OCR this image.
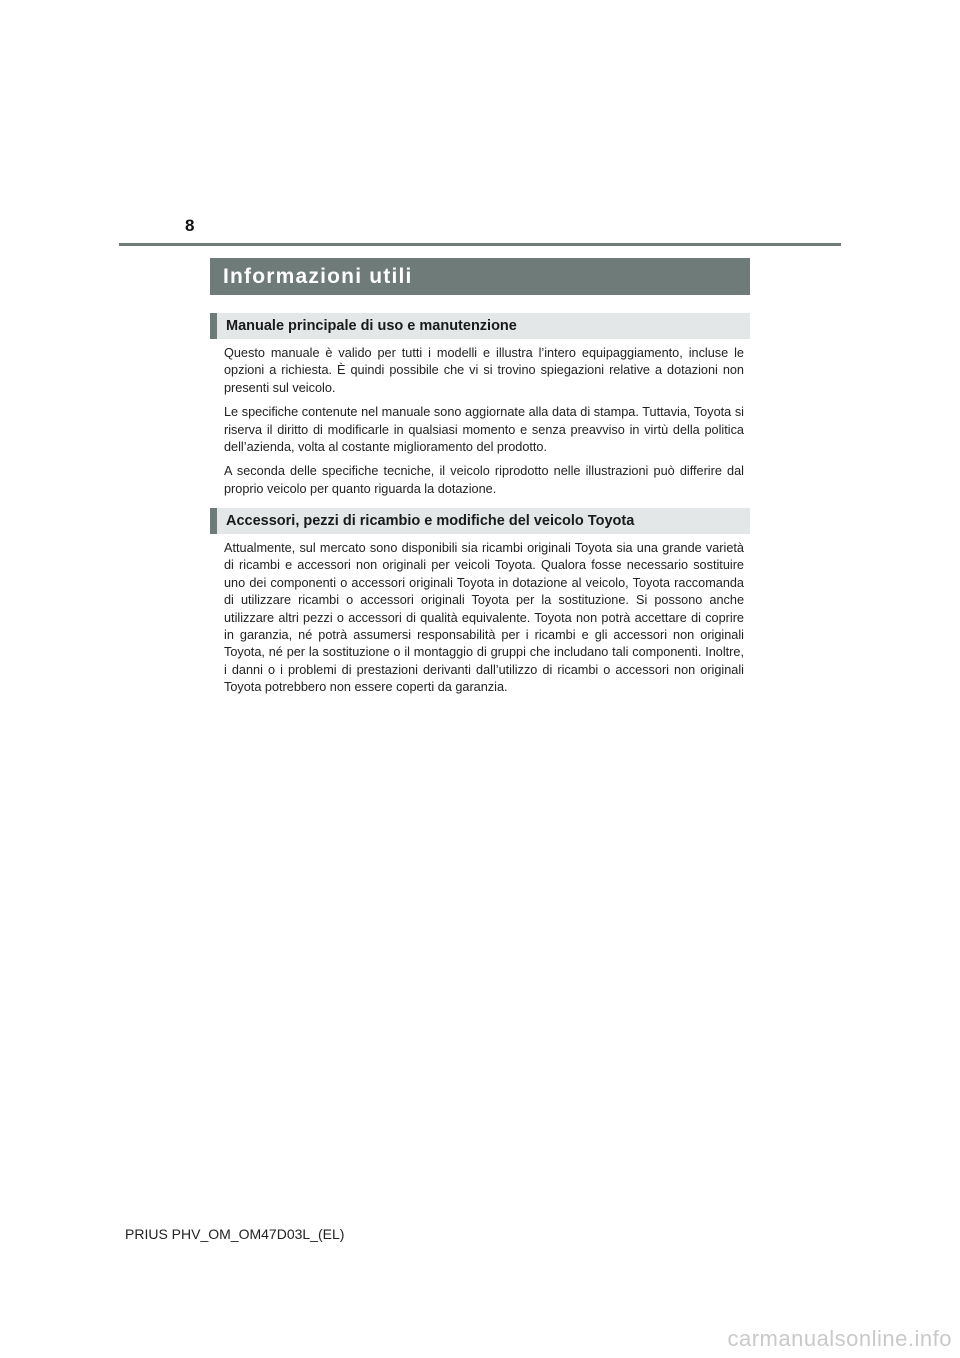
8
Informazioni utili
Manuale principale di uso e manutenzione

Questo manuale è valido per tutti i modelli e illustra l’intero equipaggiamento, incluse le opzioni a richiesta. È quindi possibile che vi si trovino spiegazioni relative a dotazioni non presenti sul veicolo.

Le specifiche contenute nel manuale sono aggiornate alla data di stampa. Tuttavia, Toyota si riserva il diritto di modificarle in qualsiasi momento e senza preavviso in virtù della politica dell’azienda, volta al costante miglioramento del prodotto.

A seconda delle specifiche tecniche, il veicolo riprodotto nelle illustrazioni può differire dal proprio veicolo per quanto riguarda la dotazione.

Accessori, pezzi di ricambio e modifiche del veicolo Toyota

Attualmente, sul mercato sono disponibili sia ricambi originali Toyota sia una grande varietà di ricambi e accessori non originali per veicoli Toyota. Qualora fosse necessario sostituire uno dei componenti o accessori originali Toyota in dotazione al veicolo, Toyota raccomanda di utilizzare ricambi o accessori originali Toyota per la sostituzione. Si possono anche utilizzare altri pezzi o accessori di qualità equivalente. Toyota non potrà accettare di coprire in garanzia, né potrà assumersi responsabilità per i ricambi e gli accessori non originali Toyota, né per la sostituzione o il montaggio di gruppi che includano tali componenti. Inoltre, i danni o i problemi di prestazioni derivanti dall’utilizzo di ricambi o accessori non originali Toyota potrebbero non essere coperti da garanzia.

PRIUS PHV_OM_OM47D03L_(EL)
carmanualsonline.info
